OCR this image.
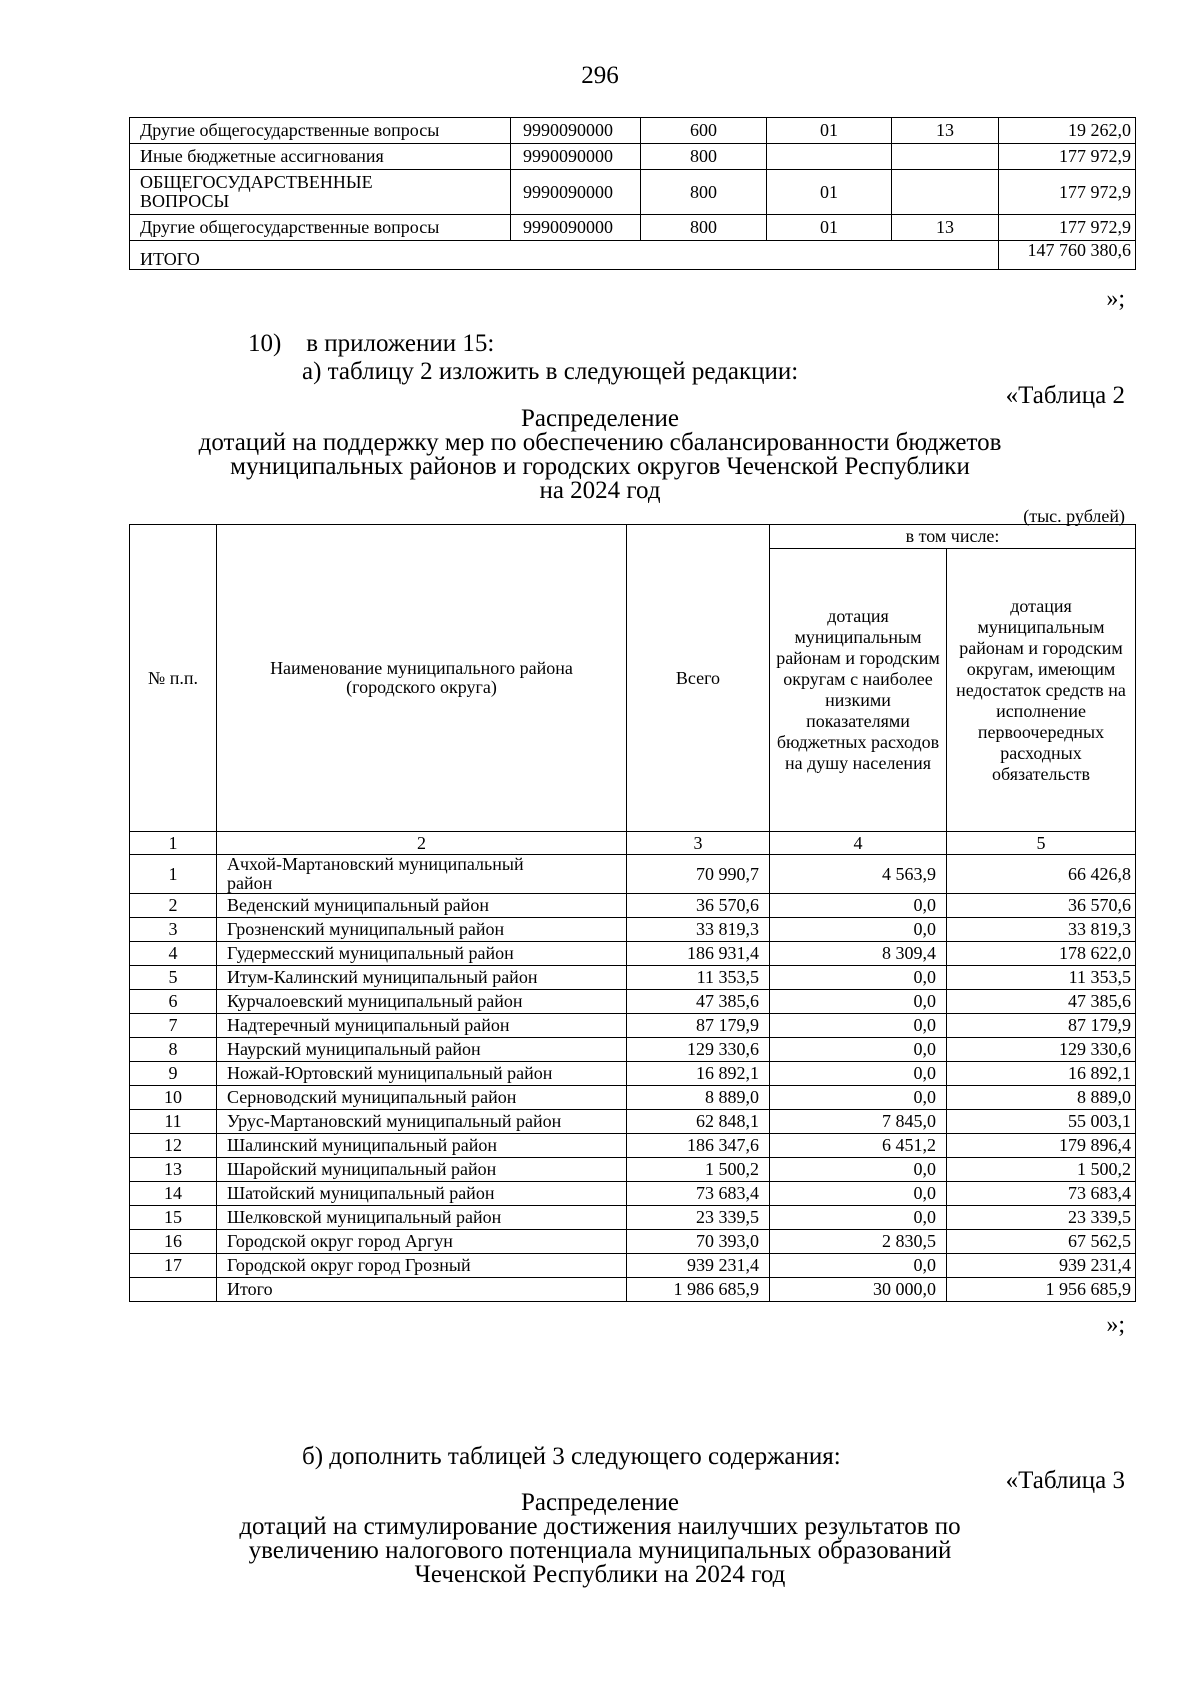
296
Другие общегосударственные вопросы	9990090000	600	01	13	19 262,0
Иные бюджетные ассигнования	9990090000	800			177 972,9
ОБЩЕГОСУДАРСТВЕННЫЕ ВОПРОСЫ	9990090000	800	01		177 972,9
Другие общегосударственные вопросы	9990090000	800	01	13	177 972,9
ИТОГО					147 760 380,6
»;
10) в приложении 15:
а) таблицу 2 изложить в следующей редакции:
«Таблица 2
Распределение
дотаций на поддержку мер по обеспечению сбалансированности бюджетов
муниципальных районов и городских округов Чеченской Республики
на 2024 год
(тыс. рублей)
№ п.п.	Наименование муниципального района (городского округа)	Всего	в том числе:	
			дотация муниципальным районам и городским округам с наиболее низкими показателями бюджетных расходов на душу населения	дотация муниципальным районам и городским округам, имеющим недостаток средств на исполнение первоочередных расходных обязательств
1	2	3	4	5
1	Ачхой-Мартановский муниципальный район	70 990,7	4 563,9	66 426,8
2	Веденский муниципальный район	36 570,6	0,0	36 570,6
3	Грозненский муниципальный район	33 819,3	0,0	33 819,3
4	Гудермесский муниципальный район	186 931,4	8 309,4	178 622,0
5	Итум-Калинский муниципальный район	11 353,5	0,0	11 353,5
6	Курчалоевский муниципальный район	47 385,6	0,0	47 385,6
7	Надтеречный муниципальный район	87 179,9	0,0	87 179,9
8	Наурский муниципальный район	129 330,6	0,0	129 330,6
9	Ножай-Юртовский муниципальный район	16 892,1	0,0	16 892,1
10	Серноводский муниципальный район	8 889,0	0,0	8 889,0
11	Урус-Мартановский муниципальный район	62 848,1	7 845,0	55 003,1
12	Шалинский муниципальный район	186 347,6	6 451,2	179 896,4
13	Шаройский муниципальный район	1 500,2	0,0	1 500,2
14	Шатойский муниципальный район	73 683,4	0,0	73 683,4
15	Шелковской муниципальный район	23 339,5	0,0	23 339,5
16	Городской округ город Аргун	70 393,0	2 830,5	67 562,5
17	Городской округ город Грозный	939 231,4	0,0	939 231,4
	Итого	1 986 685,9	30 000,0	1 956 685,9
»;
б) дополнить таблицей 3 следующего содержания:
«Таблица 3
Распределение
дотаций на стимулирование достижения наилучших результатов по
увеличению налогового потенциала муниципальных образований
Чеченской Республики на 2024 год
